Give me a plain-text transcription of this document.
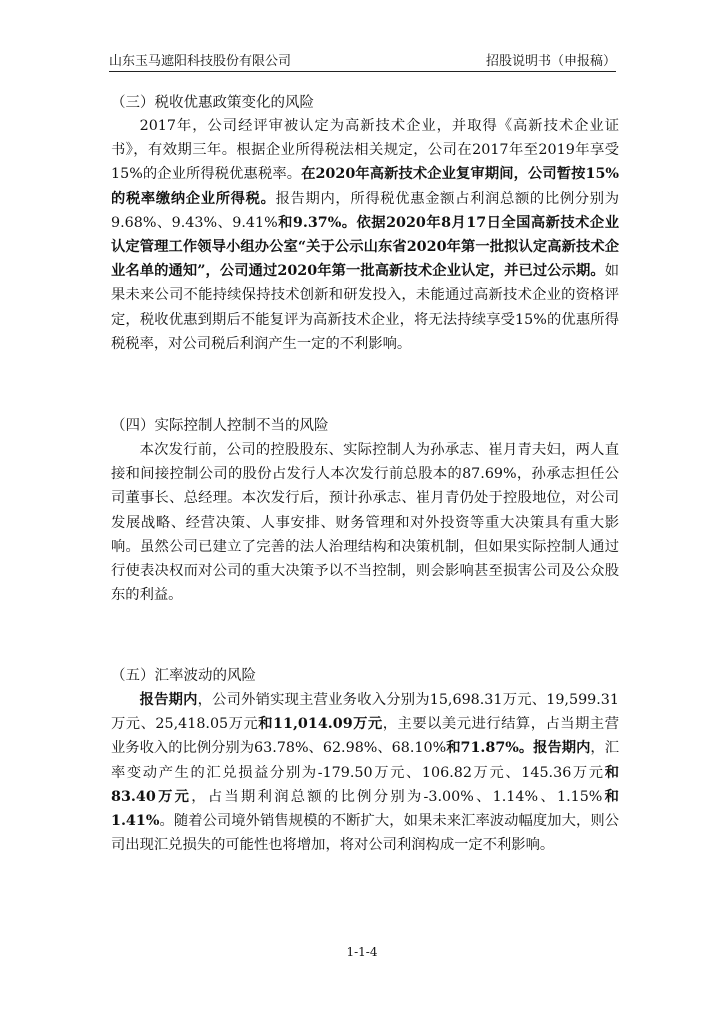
山东玉马遮阳科技股份有限公司	招股说明书（申报稿）
（三）税收优惠政策变化的风险

2017年，公司经评审被认定为高新技术企业，并取得《高新技术企业证书》，有效期三年。根据企业所得税法相关规定，公司在2017年至2019年享受15%的企业所得税优惠税率。在2020年高新技术企业复审期间，公司暂按15%的税率缴纳企业所得税。报告期内，所得税优惠金额占利润总额的比例分别为9.68%、9.43%、9.41%和9.37%。依据2020年8月17日全国高新技术企业认定管理工作领导小组办公室“关于公示山东省2020年第一批拟认定高新技术企业名单的通知”，公司通过2020年第一批高新技术企业认定，并已过公示期。如果未来公司不能持续保持技术创新和研发投入，未能通过高新技术企业的资格评定，税收优惠到期后不能复评为高新技术企业，将无法持续享受15%的优惠所得税税率，对公司税后利润产生一定的不利影响。

（四）实际控制人控制不当的风险

本次发行前，公司的控股股东、实际控制人为孙承志、崔月青夫妇，两人直接和间接控制公司的股份占发行人本次发行前总股本的87.69%，孙承志担任公司董事长、总经理。本次发行后，预计孙承志、崔月青仍处于控股地位，对公司发展战略、经营决策、人事安排、财务管理和对外投资等重大决策具有重大影响。虽然公司已建立了完善的法人治理结构和决策机制，但如果实际控制人通过行使表决权而对公司的重大决策予以不当控制，则会影响甚至损害公司及公众股东的利益。

（五）汇率波动的风险

报告期内，公司外销实现主营业务收入分别为15,698.31万元、19,599.31万元、25,418.05万元和11,014.09万元，主要以美元进行结算，占当期主营业务收入的比例分别为63.78%、62.98%、68.10%和71.87%。报告期内，汇率变动产生的汇兑损益分别为-179.50万元、106.82万元、145.36万元和83.40万元，占当期利润总额的比例分别为-3.00%、1.14%、1.15%和1.41%。随着公司境外销售规模的不断扩大，如果未来汇率波动幅度加大，则公司出现汇兑损失的可能性也将增加，将对公司利润构成一定不利影响。

1-1-4
